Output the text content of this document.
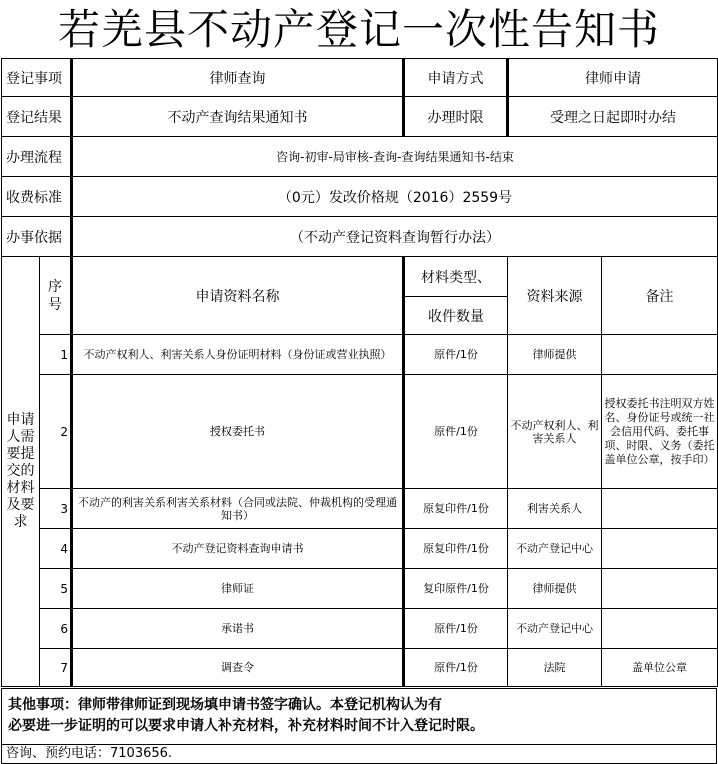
若羌县不动产登记一次性告知书
登记事项		律师查询	申请方式	律师申请	
登记结果		不动产查询结果通知书	办理时限	受理之日起即时办结	
办理流程		咨询-初审-局审核-查询-查询结果通知书-结束			
收费标准		（0元）发改价格规（2016）2559号			
办事依据		（不动产登记资料查询暂行办法）			
申请人需要提交的材料及要求	序号	申请资料名称	材料类型、	资料来源	备注
			收件数量		
	1	不动产权利人、利害关系人身份证明材料（身份证或营业执照）	原件/1份	律师提供	
	2	授权委托书	原件/1份	不动产权利人、利害关系人	授权委托书注明双方姓名、身份证号或统一社会信用代码、委托事项、时限、义务（委托盖单位公章，按手印）
	3	不动产的利害关系利害关系材料（合同或法院、仲裁机构的受理通知书）	原复印件/1份	利害关系人	
	4	不动产登记资料查询申请书	原复印件/1份	不动产登记中心	
	5	律师证	复印原件/1份	律师提供	
	6	承诺书	原件/1份	不动产登记中心	
	7	调查令	原件/1份	法院	盖单位公章
其他事项：律师带律师证到现场填申请书签字确认。本登记机构认为有
必要进一步证明的可以要求申请人补充材料，补充材料时间不计入登记时限。
咨询、预约电话：7103656.
